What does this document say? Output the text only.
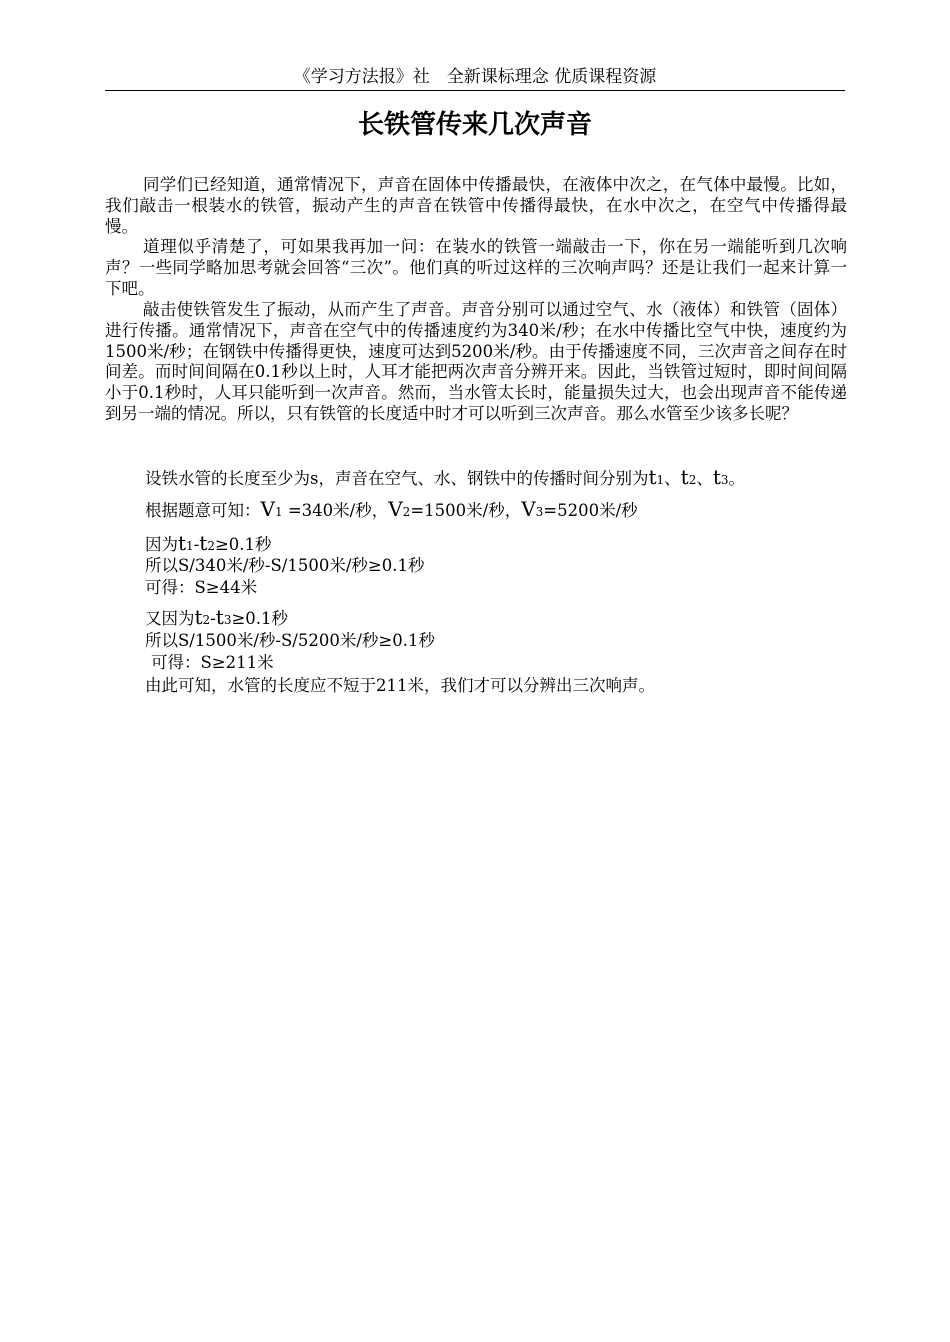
《学习方法报》社　全新课标理念 优质课程资源
长铁管传来几次声音
同学们已经知道，通常情况下，声音在固体中传播最快，在液体中次之，在气体中最慢。比如，我们敲击一根装水的铁管，振动产生的声音在铁管中传播得最快，在水中次之，在空气中传播得最慢。
道理似乎清楚了，可如果我再加一问：在装水的铁管一端敲击一下，你在另一端能听到几次响声？一些同学略加思考就会回答“三次”。他们真的听过这样的三次响声吗？还是让我们一起来计算一下吧。
敲击使铁管发生了振动，从而产生了声音。声音分别可以通过空气、水（液体）和铁管（固体）进行传播。通常情况下，声音在空气中的传播速度约为340米/秒；在水中传播比空气中快，速度约为1500米/秒；在钢铁中传播得更快，速度可达到5200米/秒。由于传播速度不同，三次声音之间存在时间差。而时间间隔在0.1秒以上时，人耳才能把两次声音分辨开来。因此，当铁管过短时，即时间间隔小于0.1秒时，人耳只能听到一次声音。然而，当水管太长时，能量损失过大，也会出现声音不能传递到另一端的情况。所以，只有铁管的长度适中时才可以听到三次声音。那么水管至少该多长呢？
设铁水管的长度至少为s，声音在空气、水、钢铁中的传播时间分别为t1、t2、t3。
根据题意可知：V1 =340米/秒，V2=1500米/秒，V3=5200米/秒
因为t1-t2≥0.1秒
所以S/340米/秒-S/1500米/秒≥0.1秒
可得：S≥44米
又因为t2-t3≥0.1秒
所以S/1500米/秒-S/5200米/秒≥0.1秒
可得：S≥211米
由此可知，水管的长度应不短于211米，我们才可以分辨出三次响声。
